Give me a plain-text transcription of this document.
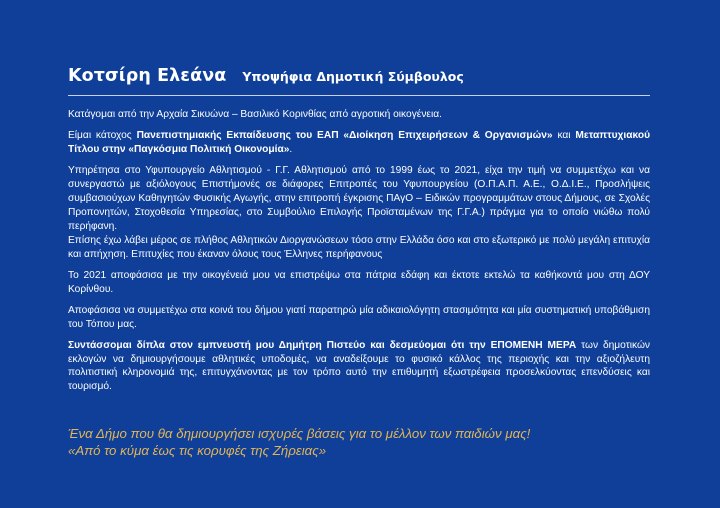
Κοτσίρη Ελεάνα Υποψήφια Δημοτική Σύμβουλος

Κατάγομαι από την Αρχαία Σικυώνα – Βασιλικό Κορινθίας από αγροτική οικογένεια.

Είμαι κάτοχος Πανεπιστημιακής Εκπαίδευσης του ΕΑΠ «Διοίκηση Επιχειρήσεων & Οργανισμών» και Μεταπτυχιακού Τίτλου στην «Παγκόσμια Πολιτική Οικονομία».

Υπηρέτησα στο Υφυπουργείο Αθλητισμού - Γ.Γ. Αθλητισμού από το 1999 έως το 2021, είχα την τιμή να συμμετέχω και να συνεργαστώ με αξιόλογους Επιστήμονές σε διάφορες Επιτροπές του Υφυπουργείου (Ο.Π.Α.Π. Α.Ε., Ο.Δ.Ι.Ε., Προσλήψεις συμβασιούχων Καθηγητών Φυσικής Αγωγής, στην επιτροπή έγκρισης ΠΑγΟ – Ειδικών προγραμμάτων στους Δήμους, σε Σχολές Προπονητών, Στοχοθεσία Υπηρεσίας, στο Συμβούλιο Επιλογής Προϊσταμένων της Γ.Γ.Α.) πράγμα για το οποίο νιώθω πολύ περήφανη.

Επίσης έχω λάβει μέρος σε πλήθος Αθλητικών Διοργανώσεων τόσο στην Ελλάδα όσο και στο εξωτερικό με πολύ μεγάλη επιτυχία και απήχηση. Επιτυχίες που έκαναν όλους τους Έλληνες περήφανους

Το 2021 αποφάσισα με την οικογένειά μου να επιστρέψω στα πάτρια εδάφη και έκτοτε εκτελώ τα καθήκοντά μου στη ΔΟΥ Κορίνθου.

Αποφάσισα να συμμετέχω στα κοινά του δήμου γιατί παρατηρώ μία αδικαιολόγητη στασιμότητα και μία συστηματική υποβάθμιση του Τόπου μας.

Συντάσσομαι δίπλα στον εμπνευστή μου Δημήτρη Πιστεύο και δεσμεύομαι ότι την ΕΠΟΜΕΝΗ ΜΕΡΑ των δημοτικών εκλογών να δημιουργήσουμε αθλητικές υποδομές, να αναδείξουμε το φυσικό κάλλος της περιοχής και την αξιοζήλευτη πολιτιστική κληρονομιά της, επιτυγχάνοντας με τον τρόπο αυτό την επιθυμητή εξωστρέφεια προσελκύοντας επενδύσεις και τουρισμό.

Ένα Δήμο που θα δημιουργήσει ισχυρές βάσεις για το μέλλον των παιδιών μας!
«Από το κύμα έως τις κορυφές της Ζήρειας»
